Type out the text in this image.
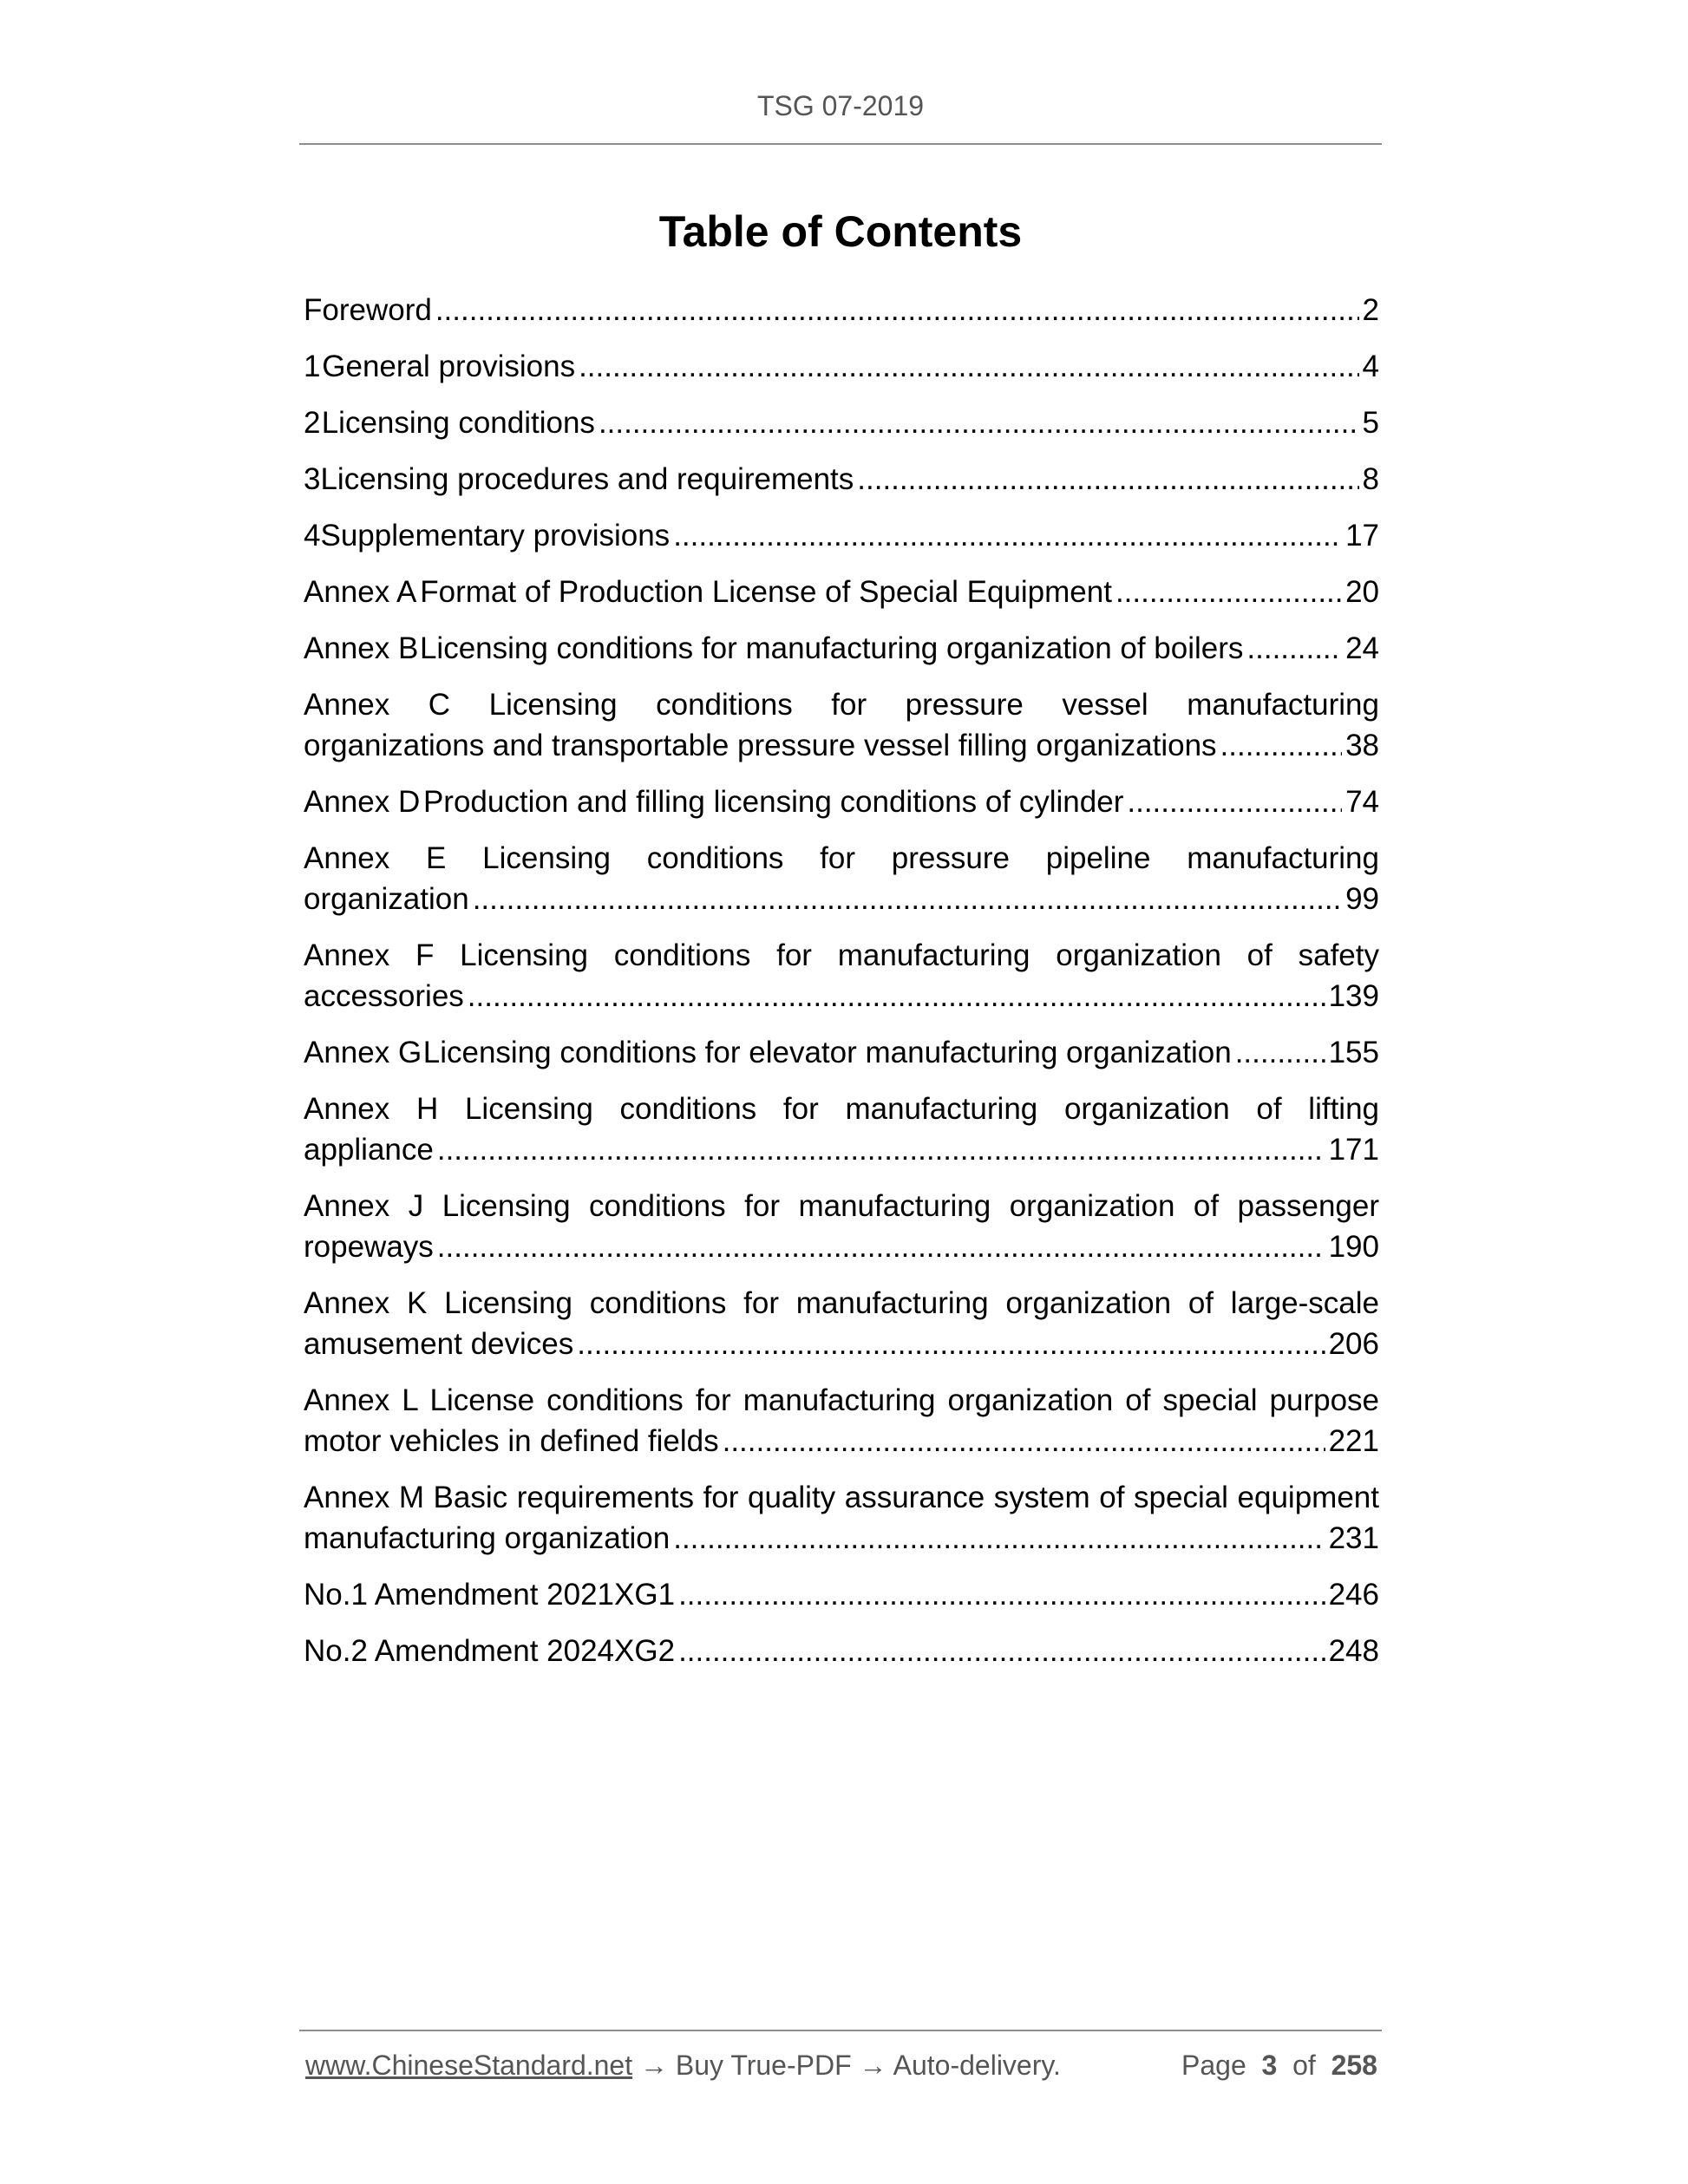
TSG 07-2019
Table of Contents
Foreword .....	2
1 General provisions .....	4
2 Licensing conditions .....	5
3 Licensing procedures and requirements .....	8
4 Supplementary provisions .....	17
Annex A Format of Production License of Special Equipment .....	20
Annex B Licensing conditions for manufacturing organization of boilers .....	24
Annex C Licensing conditions for pressure vessel manufacturing
organizations and transportable pressure vessel filling organizations .....	38
Annex D Production and filling licensing conditions of cylinder .....	74
Annex E Licensing conditions for pressure pipeline manufacturing
organization .....	99
Annex F Licensing conditions for manufacturing organization of safety
accessories .....	139
Annex G Licensing conditions for elevator manufacturing organization .....	155
Annex H Licensing conditions for manufacturing organization of lifting
appliance .....	171
Annex J Licensing conditions for manufacturing organization of passenger
ropeways .....	190
Annex K Licensing conditions for manufacturing organization of large-scale
amusement devices .....	206
Annex L License conditions for manufacturing organization of special purpose
motor vehicles in defined fields .....	221
Annex M Basic requirements for quality assurance system of special equipment
manufacturing organization .....	231
No.1 Amendment 2021XG1 .....	246
No.2 Amendment 2024XG2 .....	248
www.ChineseStandard.net → Buy True-PDF → Auto-delivery.	Page 3 of 258
